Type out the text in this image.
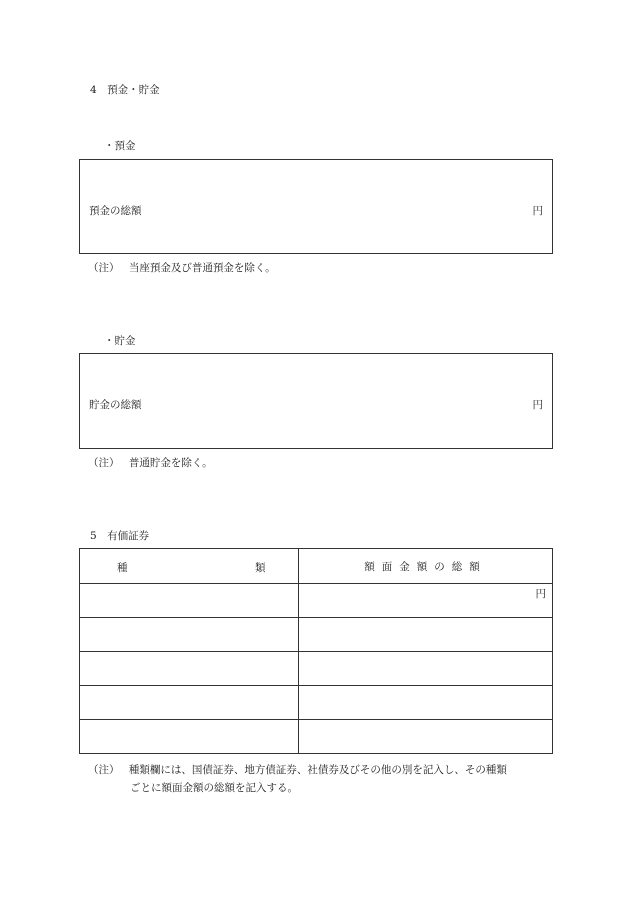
4　預金・貯金
・預金
預金の総額	円
（注） 当座預金及び普通預金を除く。
・貯金
貯金の総額	円
（注） 普通貯金を除く。
5　有価証券
種 類	額面金額の総額

	円

（注） 種類欄には、国債証券、地方債証券、社債券及びその他の別を記入し、その種類
ごとに額面金額の総額を記入する。
